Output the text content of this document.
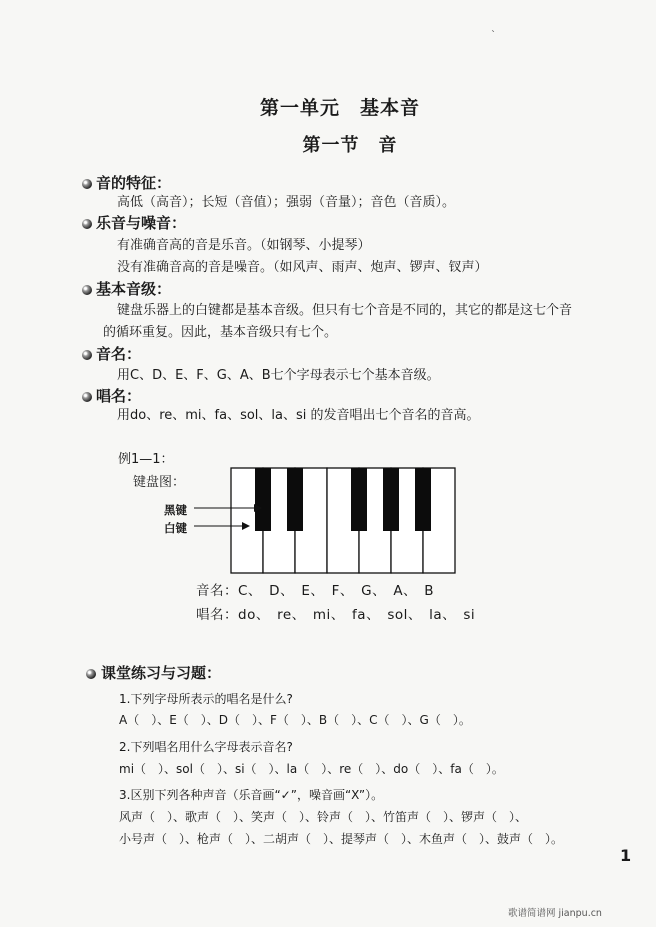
ˋ
第一单元　基本音
第一节　音
音的特征：
高低（高音）；长短（音值）；强弱（音量）；音色（音质）。
乐音与噪音：
有准确音高的音是乐音。（如钢琴、小提琴）
没有准确音高的音是噪音。（如风声、雨声、炮声、锣声、钗声）
基本音级：
键盘乐器上的白键都是基本音级。但只有七个音是不同的，其它的都是这七个音
的循环重复。因此，基本音级只有七个。
音名：
用C、D、E、F、G、A、B七个字母表示七个基本音级。
唱名：
用do、re、mi、fa、sol、la、si 的发音唱出七个音名的音高。
例1—1：
键盘图：
黑键
白键
音名：C、　D、　E、　F、　G、　A、　B
唱名：do、　re、　mi、　fa、　sol、　la、　si
课堂练习与习题：
1.下列字母所表示的唱名是什么?
A（　）、E（　）、D（　）、F（　）、B（　）、C（　）、G（　）。
2.下列唱名用什么字母表示音名?
mi（　）、sol（　）、si（　）、la（　）、re（　）、do（　）、fa（　）。
3.区别下列各种声音（乐音画“✓”，噪音画“X”）。
风声（　）、歌声（　）、笑声（　）、铃声（　）、竹笛声（　）、锣声（　）、
小号声（　）、枪声（　）、二胡声（　）、提琴声（　）、木鱼声（　）、鼓声（　）。
1
歌谱简谱网 jianpu.cn
